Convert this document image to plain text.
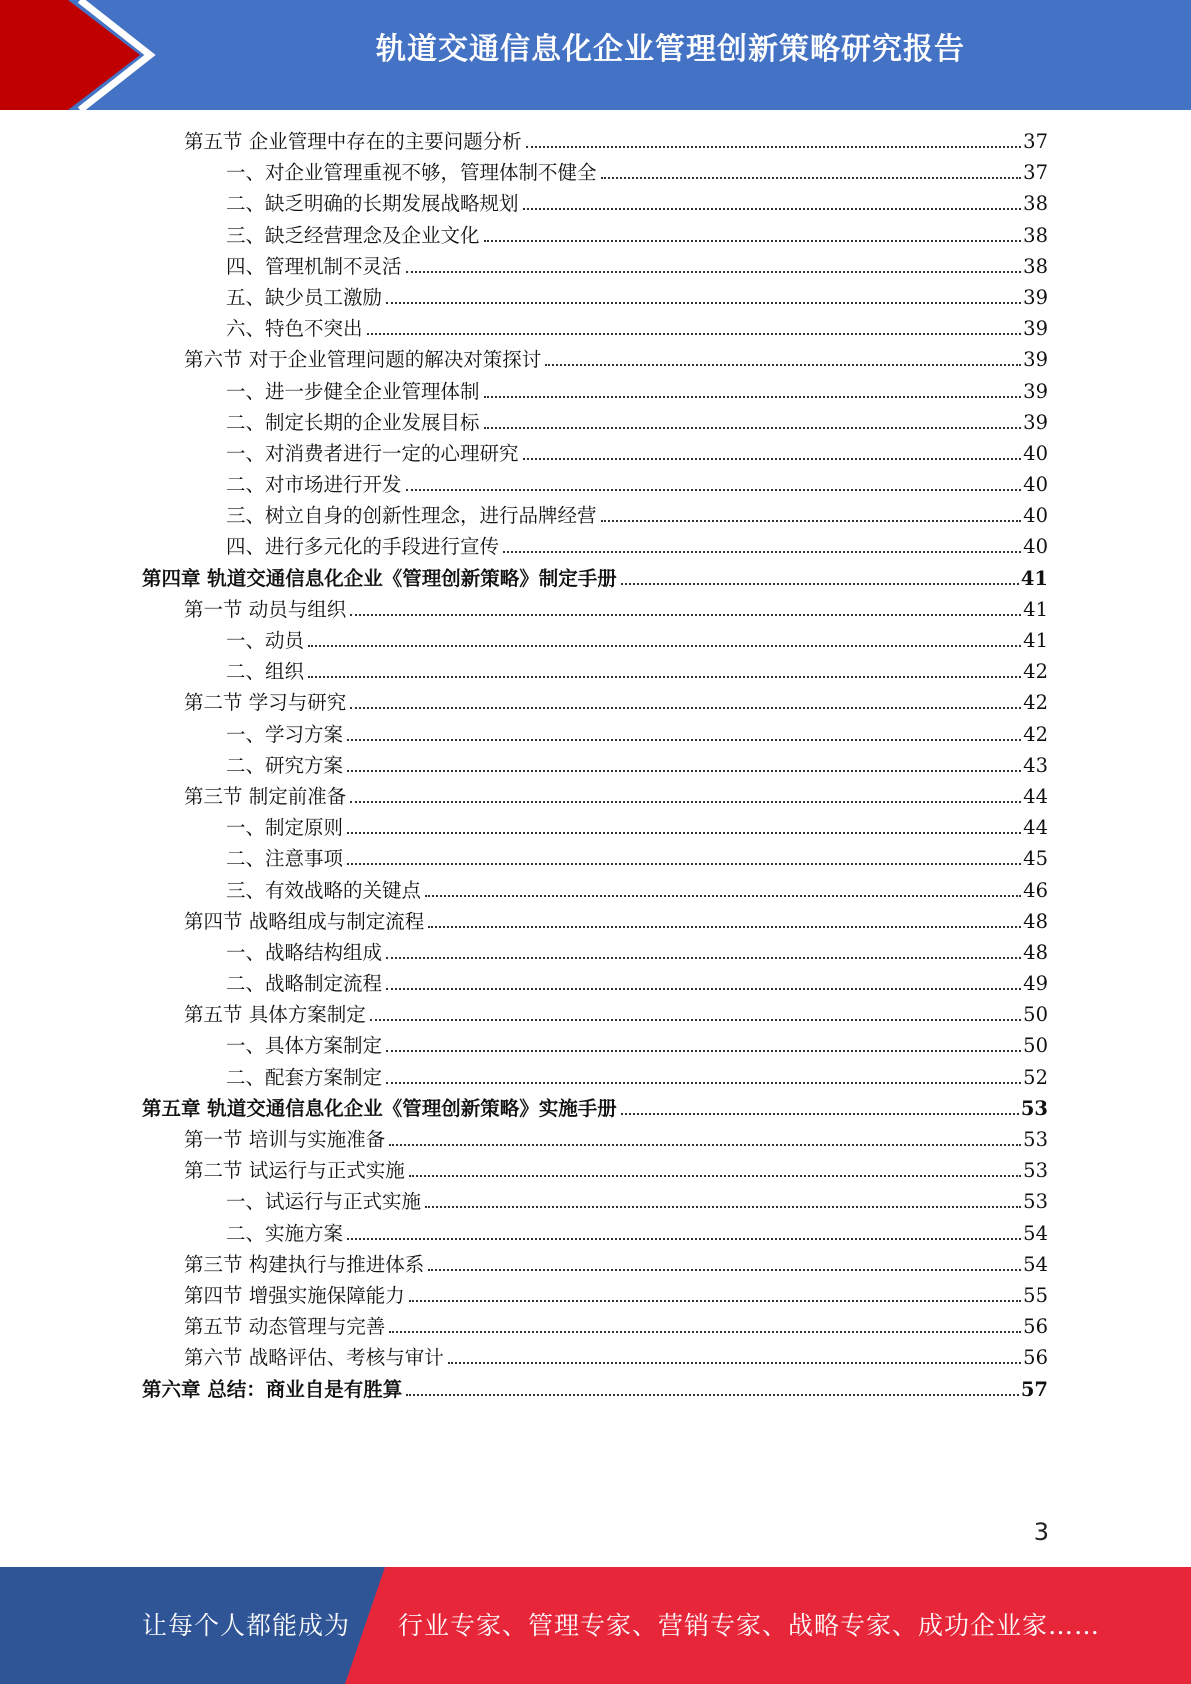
轨道交通信息化企业管理创新策略研究报告
第五节 企业管理中存在的主要问题分析	37
一、对企业管理重视不够，管理体制不健全	37
二、缺乏明确的长期发展战略规划	38
三、缺乏经营理念及企业文化	38
四、管理机制不灵活	38
五、缺少员工激励	39
六、特色不突出	39
第六节 对于企业管理问题的解决对策探讨	39
一、进一步健全企业管理体制	39
二、制定长期的企业发展目标	39
一、对消费者进行一定的心理研究	40
二、对市场进行开发	40
三、树立自身的创新性理念，进行品牌经营	40
四、进行多元化的手段进行宣传	40
第四章 轨道交通信息化企业《管理创新策略》制定手册	41
第一节 动员与组织	41
一、动员	41
二、组织	42
第二节 学习与研究	42
一、学习方案	42
二、研究方案	43
第三节 制定前准备	44
一、制定原则	44
二、注意事项	45
三、有效战略的关键点	46
第四节 战略组成与制定流程	48
一、战略结构组成	48
二、战略制定流程	49
第五节 具体方案制定	50
一、具体方案制定	50
二、配套方案制定	52
第五章 轨道交通信息化企业《管理创新策略》实施手册	53
第一节 培训与实施准备	53
第二节 试运行与正式实施	53
一、试运行与正式实施	53
二、实施方案	54
第三节 构建执行与推进体系	54
第四节 增强实施保障能力	55
第五节 动态管理与完善	56
第六节 战略评估、考核与审计	56
第六章 总结：商业自是有胜算	57
3
让每个人都能成为 行业专家、管理专家、营销专家、战略专家、成功企业家……
